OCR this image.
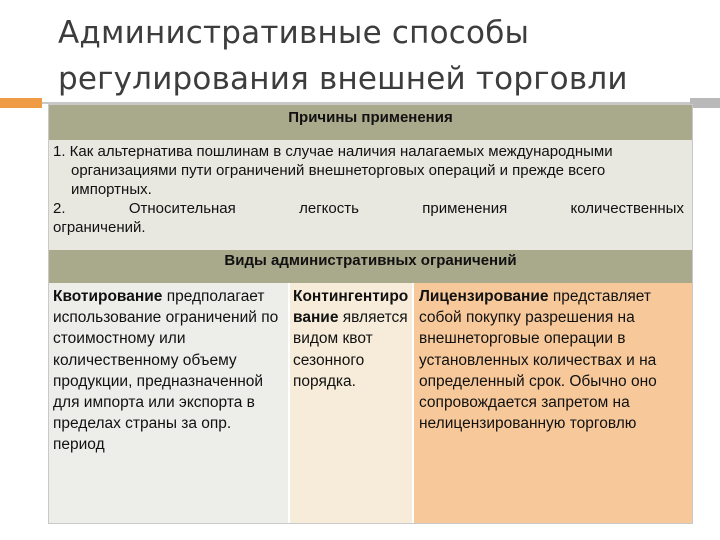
Административные способы
регулирования внешней торговли
Причины применения

1. Как альтернатива пошлинам в случае наличия налагаемых международными организациями пути ограничений внешнеторговых операций и прежде всего импортных.

2.	Относительная	легкость	применения	количественных
ограничений.
Виды административных ограничений
Квотирование предполагает использование ограничений по стоимостному или количественному объему продукции, предназначенной для импорта или экспорта в пределах страны за опр. период
Контингентирование является видом квот сезонного порядка.
Лицензирование представляет собой покупку разрешения на внешнеторговые операции в установленных количествах и на определенный срок. Обычно оно сопровождается запретом на нелицензированную торговлю
